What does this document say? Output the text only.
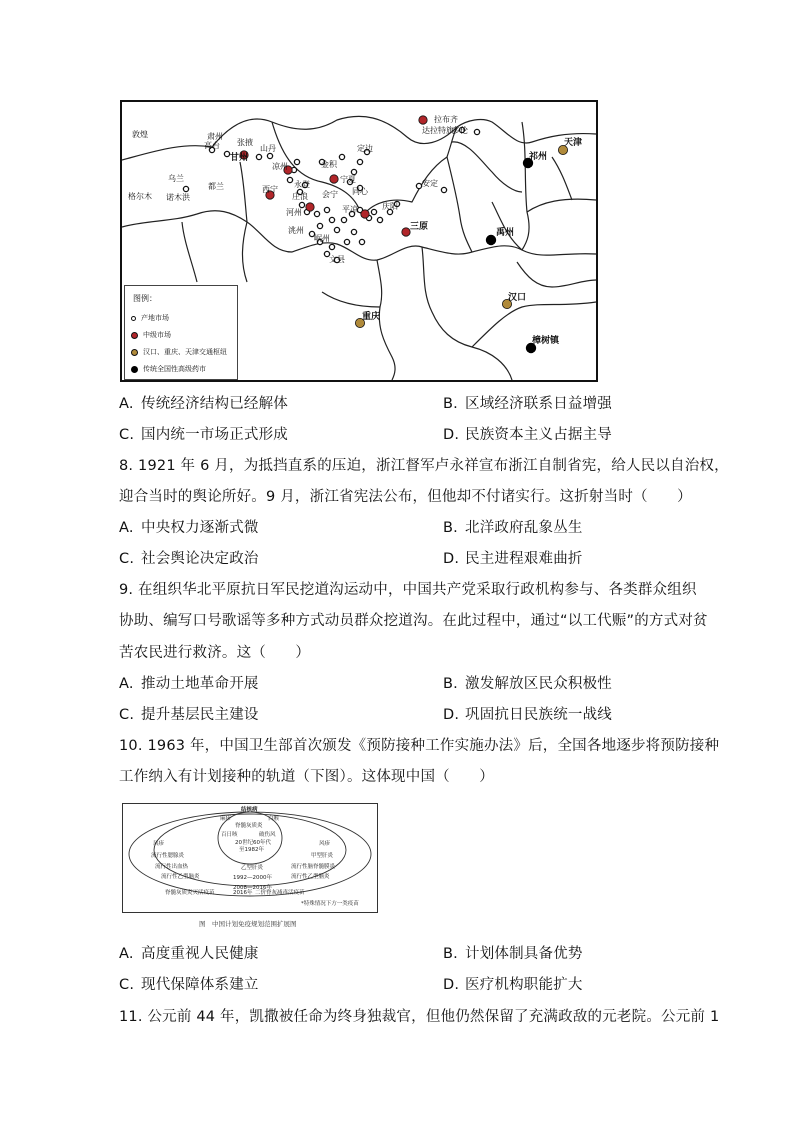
敦煌	肃州
高台 张掖
山丹
甘州
凉州
永登
格尔木 诺木洪
乌兰
都兰	西宁
庄浪
河州
洮州
岷州
文县
金积
宁夏
同心
会宁
平凉	庆阳
定边
安定
三原
拉布齐
达拉特旗
多伦
祁州
天津
禹州
汉口
重庆
樟树镇
图例：
产地市场
中级市场
汉口、重庆、天津交通枢纽
传统全国性高级药市
A. 传统经济结构已经解体	B. 区域经济联系日益增强
C. 国内统一市场正式形成	D. 民族资本主义占据主导
8. 1921 年 6 月，为抵挡直系的压迫，浙江督军卢永祥宣布浙江自制省宪，给人民以自治权，
迎合当时的舆论所好。9 月，浙江省宪法公布，但他却不付诸实行。这折射当时（　　）
A. 中央权力逐渐式微	B. 北洋政府乱象丛生
C. 社会舆论决定政治	D. 民主进程艰难曲折
9. 在组织华北平原抗日军民挖道沟运动中，中国共产党采取行政机构参与、各类群众组织
协助、编写口号歌谣等多种方式动员群众挖道沟。在此过程中，通过“以工代赈”的方式对贫
苦农民进行救济。这（　　）
A. 推动土地革命开展	B. 激发解放区民众积极性
C. 提升基层民主建设	D. 巩固抗日民族统一战线
10. 1963 年，中国卫生部首次颁发《预防接种工作实施办法》后，全国各地逐步将预防接种
工作纳入有计划接种的轨道（下图）。这体现中国（　　）
结核病
麻疹
脊髓灰质炎
白喉
百日咳	破伤风
20世纪60年代
至1982年
乙型肝炎
1992—2000年
2008—2016年
风疹
流行性腮腺炎
流行性出血热
流行性乙型脑炎
风疹
甲型肝炎
流行性脑脊髓膜炎
流行性乙型脑炎
脊髓灰质炎灭活疫苗	2016年 二价脊灰减毒活疫苗
*特殊情况下方一类疫苗
图　中国计划免疫规划范围扩展图
A. 高度重视人民健康	B. 计划体制具备优势
C. 现代保障体系建立	D. 医疗机构职能扩大
11. 公元前 44 年，凯撒被任命为终身独裁官，但他仍然保留了充满政敌的元老院。公元前 1
